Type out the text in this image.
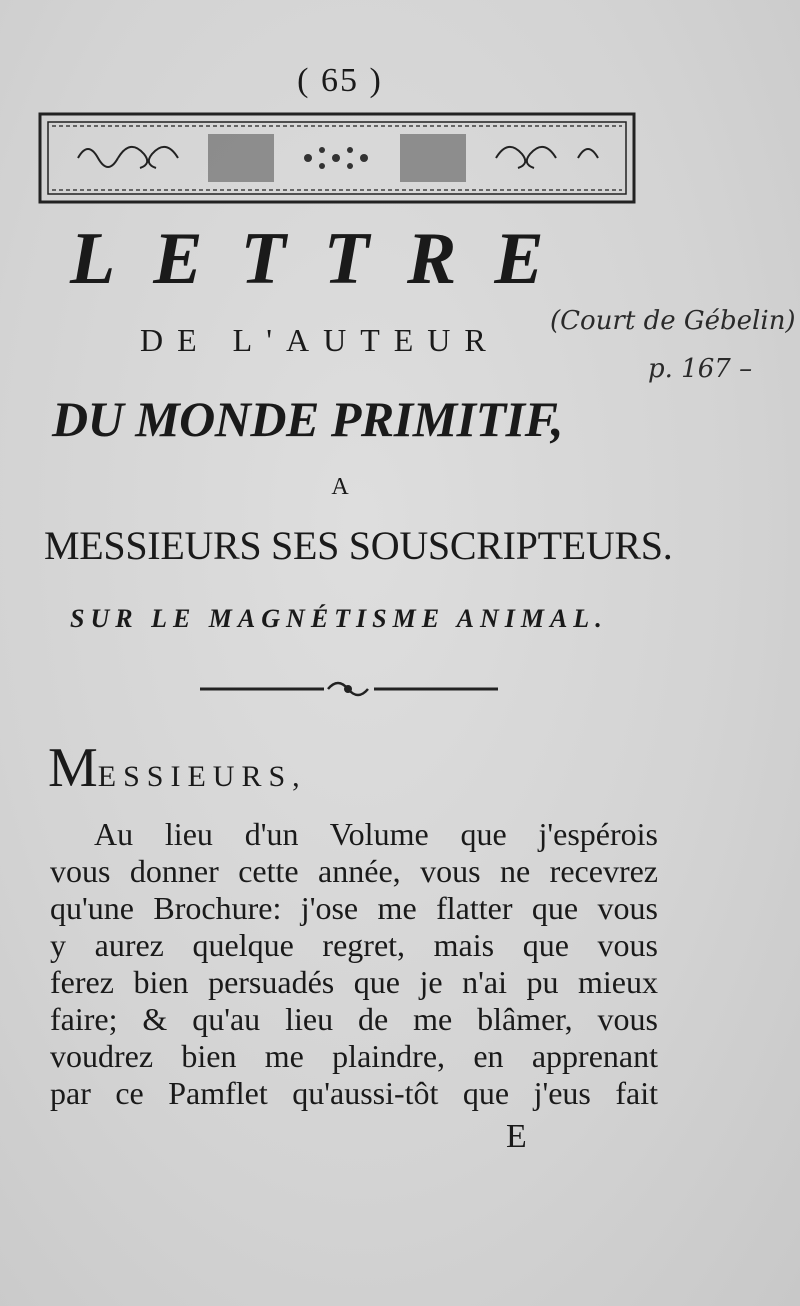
( 65 )
LETTRE
DE L'AUTEUR
DU MONDE PRIMITIF,
A
MESSIEURS SES SOUSCRIPTEURS.
SUR LE MAGNÉTISME ANIMAL.
MESSIEURS,
Au lieu d'un Volume que j'espérois
vous donner cette année, vous ne recevrez
qu'une Brochure: j'ose me flatter que vous
y aurez quelque regret, mais que vous
ferez bien persuadés que je n'ai pu mieux
faire; & qu'au lieu de me blâmer, vous
voudrez bien me plaindre, en apprenant
par ce Pamflet qu'aussi-tôt que j'eus fait
E
(Court de Gébelin)
p. 167 –
